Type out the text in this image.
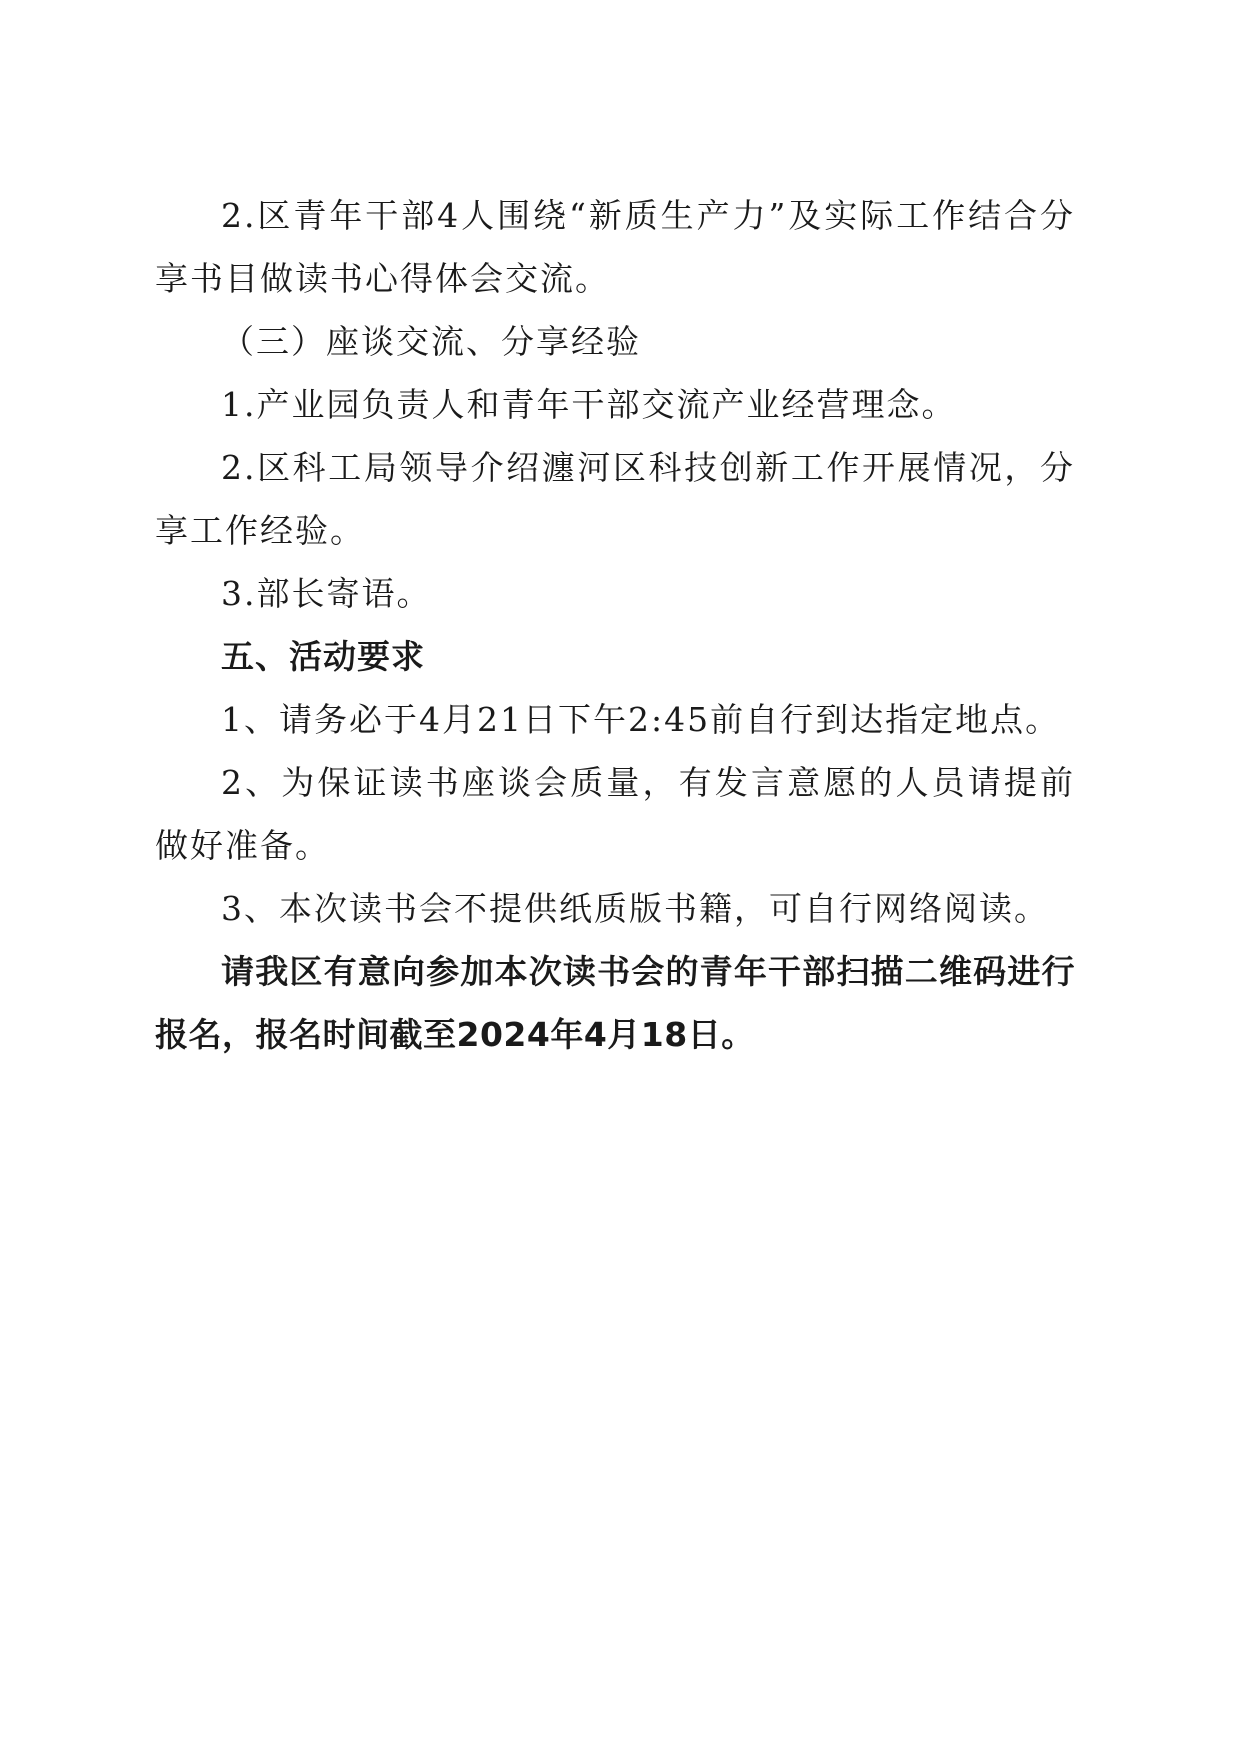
2.区青年干部4人围绕“新质生产力”及实际工作结合分享书目做读书心得体会交流。

（三）座谈交流、分享经验

1.产业园负责人和青年干部交流产业经营理念。

2.区科工局领导介绍瀍河区科技创新工作开展情况，分享工作经验。

3.部长寄语。

五、活动要求

1、请务必于4月21日下午2:45前自行到达指定地点。

2、为保证读书座谈会质量，有发言意愿的人员请提前做好准备。

3、本次读书会不提供纸质版书籍，可自行网络阅读。

请我区有意向参加本次读书会的青年干部扫描二维码进行报名，报名时间截至2024年4月18日。
